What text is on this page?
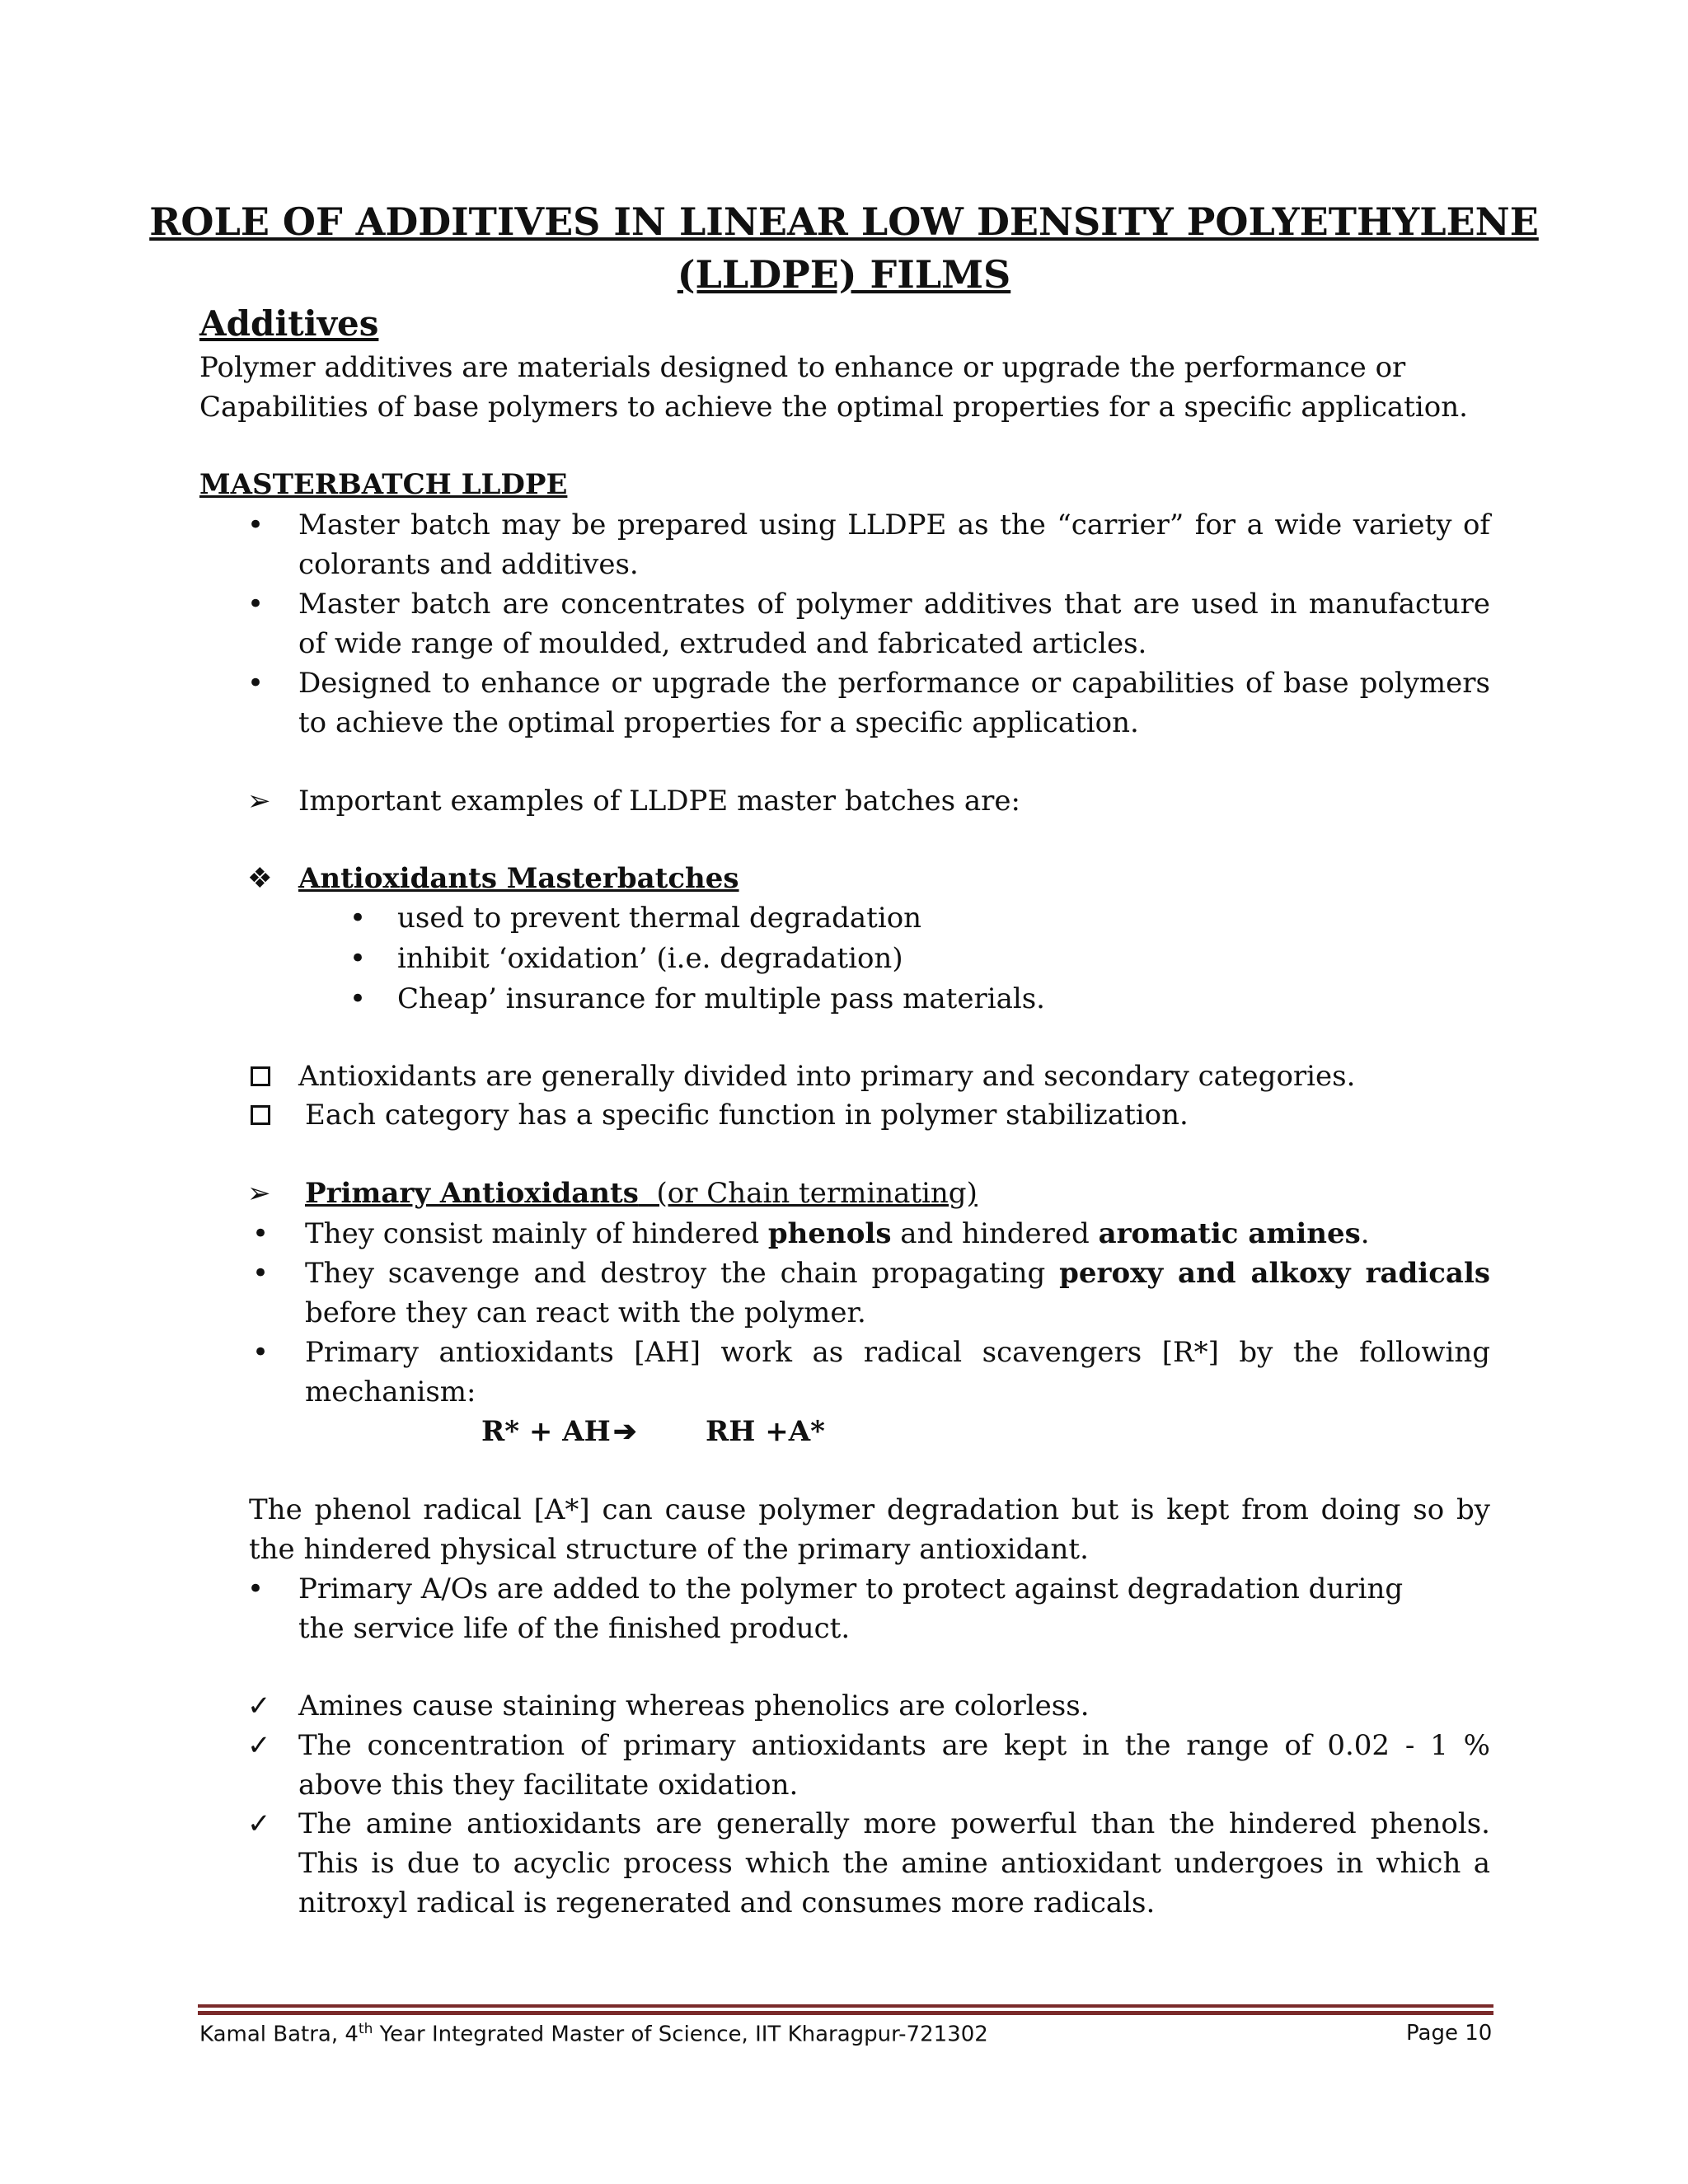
ROLE OF ADDITIVES IN LINEAR LOW DENSITY POLYETHYLENE
(LLDPE) FILMS
Additives
Polymer additives are materials designed to enhance or upgrade the performance or
Capabilities of base polymers to achieve the optimal properties for a specific application.
MASTERBATCH LLDPE
• Master batch may be prepared using LLDPE as the “carrier” for a wide variety of colorants and additives.
• Master batch are concentrates of polymer additives that are used in manufacture of wide range of moulded, extruded and fabricated articles.
• Designed to enhance or upgrade the performance or capabilities of base polymers to achieve the optimal properties for a specific application.
➢ Important examples of LLDPE master batches are:
❖ Antioxidants Masterbatches
• used to prevent thermal degradation
• inhibit ‘oxidation’ (i.e. degradation)
• Cheap’ insurance for multiple pass materials.
Antioxidants are generally divided into primary and secondary categories.
Each category has a specific function in polymer stabilization.
➢ Primary Antioxidants (or Chain terminating)
• They consist mainly of hindered phenols and hindered aromatic amines.
• They scavenge and destroy the chain propagating peroxy and alkoxy radicals before they can react with the polymer.
• Primary antioxidants [AH] work as radical scavengers [R*] by the following mechanism:
R* + AH ➔ RH +A*
The phenol radical [A*] can cause polymer degradation but is kept from doing so by the hindered physical structure of the primary antioxidant.
• Primary A/Os are added to the polymer to protect against degradation during the service life of the finished product.
✓ Amines cause staining whereas phenolics are colorless.
✓ The concentration of primary antioxidants are kept in the range of 0.02 - 1 % above this they facilitate oxidation.
✓ The amine antioxidants are generally more powerful than the hindered phenols. This is due to acyclic process which the amine antioxidant undergoes in which a nitroxyl radical is regenerated and consumes more radicals.
Kamal Batra, 4th Year Integrated Master of Science, IIT Kharagpur-721302	Page 10
